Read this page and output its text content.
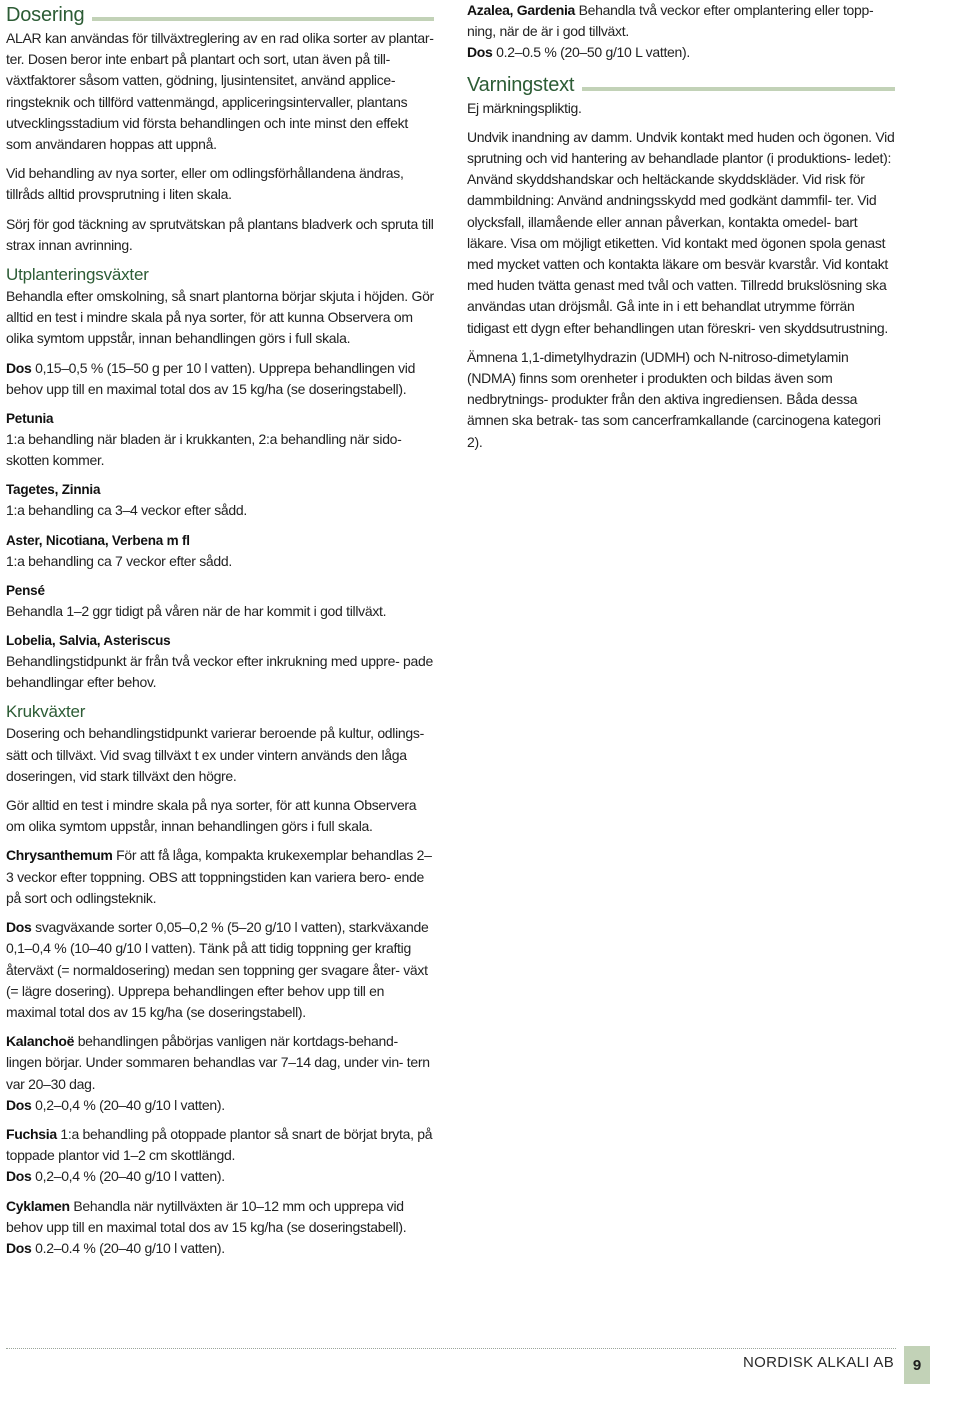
Dosering

ALAR kan användas för tillväxtreglering av en rad olika sorter av plantar- ter. Dosen beror inte enbart på plantart och sort, utan även på till- växtfaktorer såsom vatten, gödning, ljusintensitet, använd applice- ringsteknik och tillförd vattenmängd, appliceringsintervaller, plantans utvecklingsstadium vid första behandlingen och inte minst den effekt som användaren hoppas att uppnå.

Vid behandling av nya sorter, eller om odlingsförhållandena ändras, tillråds alltid provsprutning i liten skala.

Sörj för god täckning av sprutvätskan på plantans bladverk och spruta till strax innan avrinning.

Utplanteringsväxter

Behandla efter omskolning, så snart plantorna börjar skjuta i höjden. Gör alltid en test i mindre skala på nya sorter, för att kunna Observera om olika symtom uppstår, innan behandlingen görs i full skala.

Dos 0,15–0,5 % (15–50 g per 10 l vatten). Upprepa behandlingen vid behov upp till en maximal total dos av 15 kg/ha (se doseringstabell).

Petunia
1:a behandling när bladen är i krukkanten, 2:a behandling när sido- skotten kommer.

Tagetes, Zinnia
1:a behandling ca 3–4 veckor efter sådd.

Aster, Nicotiana, Verbena m fl
1:a behandling ca 7 veckor efter sådd.

Pensé
Behandla 1–2 ggr tidigt på våren när de har kommit i god tillväxt.

Lobelia, Salvia, Asteriscus
Behandlingstidpunkt är från två veckor efter inkrukning med uppre- pade behandlingar efter behov.

Krukväxter

Dosering och behandlingstidpunkt varierar beroende på kultur, odlings- sätt och tillväxt. Vid svag tillväxt t ex under vintern används den låga doseringen, vid stark tillväxt den högre.

Gör alltid en test i mindre skala på nya sorter, för att kunna Observera om olika symtom uppstår, innan behandlingen görs i full skala.

Chrysanthemum För att få låga, kompakta krukexemplar behandlas 2–3 veckor efter toppning. OBS att toppningstiden kan variera bero- ende på sort och odlingsteknik.

Dos svagväxande sorter 0,05–0,2 % (5–20 g/10 l vatten), starkväxande 0,1–0,4 % (10–40 g/10 l vatten). Tänk på att tidig toppning ger kraftig återväxt (= normaldosering) medan sen toppning ger svagare åter- växt (= lägre dosering). Upprepa behandlingen efter behov upp till en maximal total dos av 15 kg/ha (se doseringstabell).

Kalanchoë behandlingen påbörjas vanligen när kortdags-behand- lingen börjar. Under sommaren behandlas var 7–14 dag, under vin- tern var 20–30 dag.

Dos 0,2–0,4 % (20–40 g/10 l vatten).

Fuchsia 1:a behandling på otoppade plantor så snart de börjat bryta, på toppade plantor vid 1–2 cm skottlängd.

Dos 0,2–0,4 % (20–40 g/10 l vatten).

Cyklamen Behandla när nytillväxten är 10–12 mm och upprepa vid behov upp till en maximal total dos av 15 kg/ha (se doseringstabell).

Dos 0.2–0.4 % (20–40 g/10 l vatten).

Azalea, Gardenia Behandla två veckor efter omplantering eller topp- ning, när de är i god tillväxt.

Dos 0.2–0.5 % (20–50 g/10 L vatten).

Varningstext

Ej märkningspliktig.

Undvik inandning av damm. Undvik kontakt med huden och ögonen. Vid sprutning och vid hantering av behandlade plantor (i produktions- ledet): Använd skyddshandskar och heltäckande skyddskläder. Vid risk för dammbildning: Använd andningsskydd med godkänt dammfil- ter. Vid olycksfall, illamående eller annan påverkan, kontakta omedel- bart läkare. Visa om möjligt etiketten. Vid kontakt med ögonen spola genast med mycket vatten och kontakta läkare om besvär kvarstår. Vid kontakt med huden tvätta genast med tvål och vatten. Tillredd brukslösning ska användas utan dröjsmål. Gå inte in i ett behandlat utrymme förrän tidigast ett dygn efter behandlingen utan föreskri- ven skyddsutrustning.

Ämnena 1,1-dimetylhydrazin (UDMH) och N-nitroso-dimetylamin (NDMA) finns som orenheter i produkten och bildas även som nedbrytnings- produkter från den aktiva ingrediensen. Båda dessa ämnen ska betrak- tas som cancerframkallande (carcinogena kategori 2).

NORDISK ALKALI AB	9
